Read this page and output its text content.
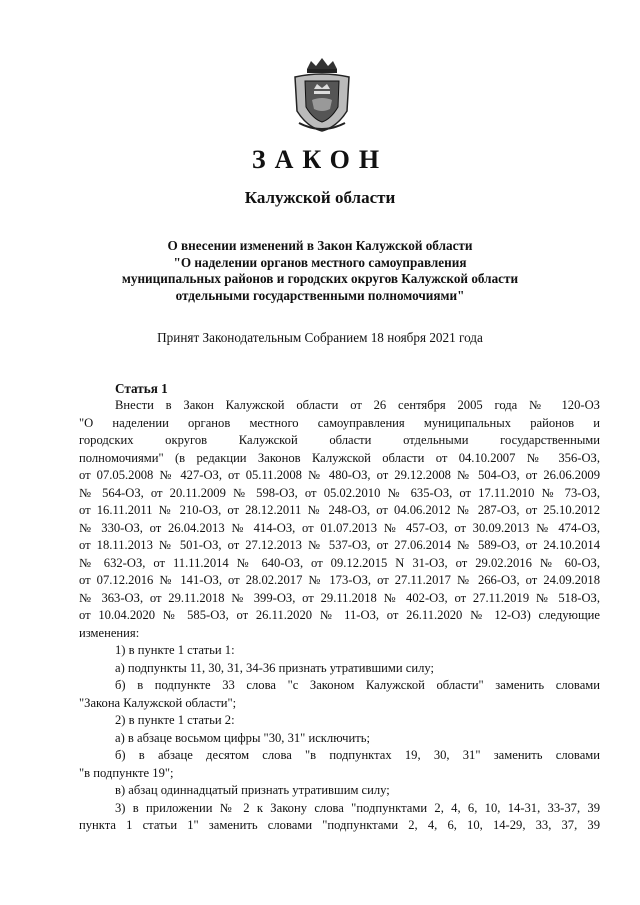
ЗАКОН
Калужской области
О внесении изменений в Закон Калужской области
"О наделении органов местного самоуправления
муниципальных районов и городских округов Калужской области
отдельными государственными полномочиями"
Принят Законодательным Собранием 18 ноября 2021 года
Статья 1
Внести в Закон Калужской области от 26 сентября 2005 года № 120-ОЗ
"О наделении органов местного самоуправления муниципальных районов и
городских округов Калужской области отдельными государственными
полномочиями" (в редакции Законов Калужской области от 04.10.2007 № 356-ОЗ,
от 07.05.2008 № 427-ОЗ, от 05.11.2008 № 480-ОЗ, от 29.12.2008 № 504-ОЗ, от 26.06.2009
№ 564-ОЗ, от 20.11.2009 № 598-ОЗ, от 05.02.2010 № 635-ОЗ, от 17.11.2010 № 73-ОЗ,
от 16.11.2011 № 210-ОЗ, от 28.12.2011 № 248-ОЗ, от 04.06.2012 № 287-ОЗ, от 25.10.2012
№ 330-ОЗ, от 26.04.2013 № 414-ОЗ, от 01.07.2013 № 457-ОЗ, от 30.09.2013 № 474-ОЗ,
от 18.11.2013 № 501-ОЗ, от 27.12.2013 № 537-ОЗ, от 27.06.2014 № 589-ОЗ, от 24.10.2014
№ 632-ОЗ, от 11.11.2014 № 640-ОЗ, от 09.12.2015 N 31-ОЗ, от 29.02.2016 № 60-ОЗ,
от 07.12.2016 № 141-ОЗ, от 28.02.2017 № 173-ОЗ, от 27.11.2017 № 266-ОЗ, от 24.09.2018
№ 363-ОЗ, от 29.11.2018 № 399-ОЗ, от 29.11.2018 № 402-ОЗ, от 27.11.2019 № 518-ОЗ,
от 10.04.2020 № 585-ОЗ, от 26.11.2020 № 11-ОЗ, от 26.11.2020 № 12-ОЗ) следующие
изменения:
1) в пункте 1 статьи 1:
а) подпункты 11, 30, 31, 34-36 признать утратившими силу;
б) в подпункте 33 слова "с Законом Калужской области" заменить словами
"Закона Калужской области";
2) в пункте 1 статьи 2:
а) в абзаце восьмом цифры "30, 31" исключить;
б) в абзаце десятом слова "в подпунктах 19, 30, 31" заменить словами
"в подпункте 19";
в) абзац одиннадцатый признать утратившим силу;
3) в приложении № 2 к Закону слова "подпунктами 2, 4, 6, 10, 14-31, 33-37, 39
пункта 1 статьи 1" заменить словами "подпунктами 2, 4, 6, 10, 14-29, 33, 37, 39
